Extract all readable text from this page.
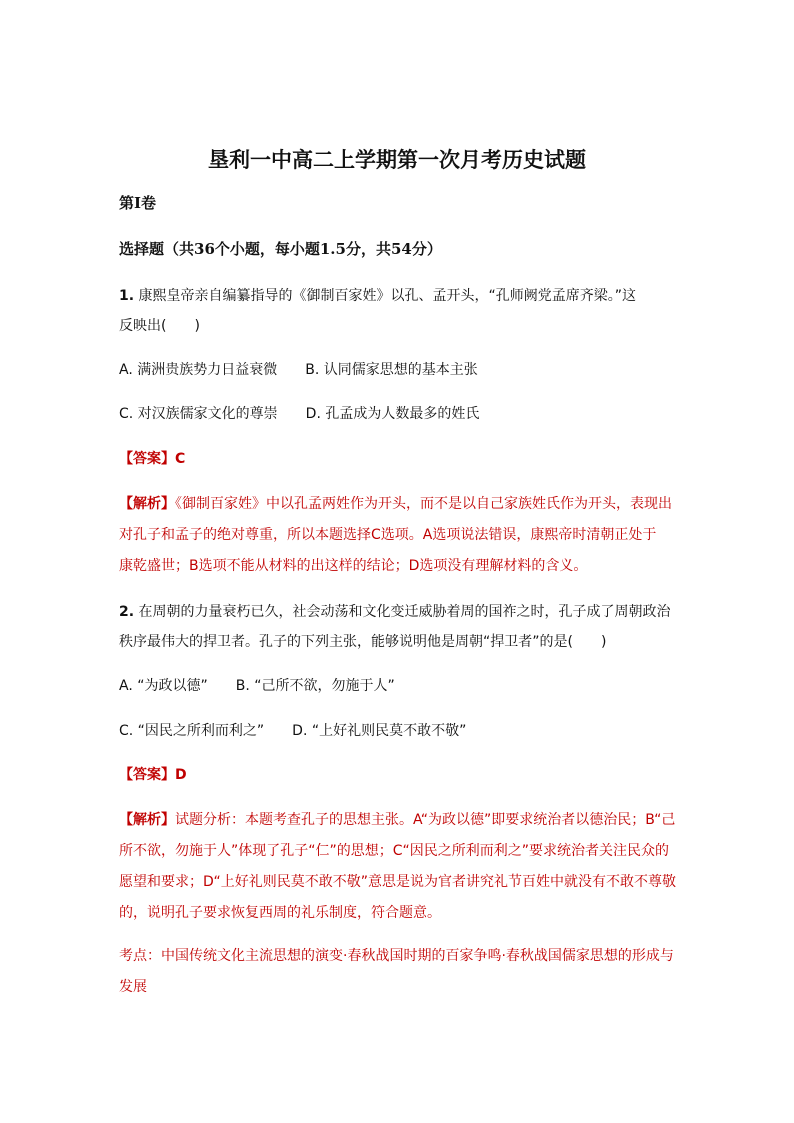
垦利一中高二上学期第一次月考历史试题
第Ⅰ卷
选择题（共36个小题，每小题1.5分，共54分）
1. 康熙皇帝亲自编纂指导的《御制百家姓》以孔、孟开头，“孔师阙党孟席齐梁。”这
反映出(　　)
A. 满洲贵族势力日益衰微　　B. 认同儒家思想的基本主张
C. 对汉族儒家文化的尊崇　　D. 孔孟成为人数最多的姓氏
【答案】C
【解析】《御制百家姓》中以孔孟两姓作为开头，而不是以自己家族姓氏作为开头，表现出
对孔子和孟子的绝对尊重，所以本题选择C选项。A选项说法错误，康熙帝时清朝正处于
康乾盛世；B选项不能从材料的出这样的结论；D选项没有理解材料的含义。
2. 在周朝的力量衰朽已久，社会动荡和文化变迁威胁着周的国祚之时，孔子成了周朝政治
秩序最伟大的捍卫者。孔子的下列主张，能够说明他是周朝“捍卫者”的是(　　)
A. “为政以德”　　B. “己所不欲，勿施于人”
C. “因民之所利而利之”　　D. “上好礼则民莫不敢不敬”
【答案】D
【解析】试题分析：本题考查孔子的思想主张。A“为政以德”即要求统治者以德治民；B“己
所不欲，勿施于人”体现了孔子“仁”的思想；C“因民之所利而利之”要求统治者关注民众的
愿望和要求；D“上好礼则民莫不敢不敬”意思是说为官者讲究礼节百姓中就没有不敢不尊敬
的，说明孔子要求恢复西周的礼乐制度，符合题意。
考点：中国传统文化主流思想的演变·春秋战国时期的百家争鸣·春秋战国儒家思想的形成与
发展
